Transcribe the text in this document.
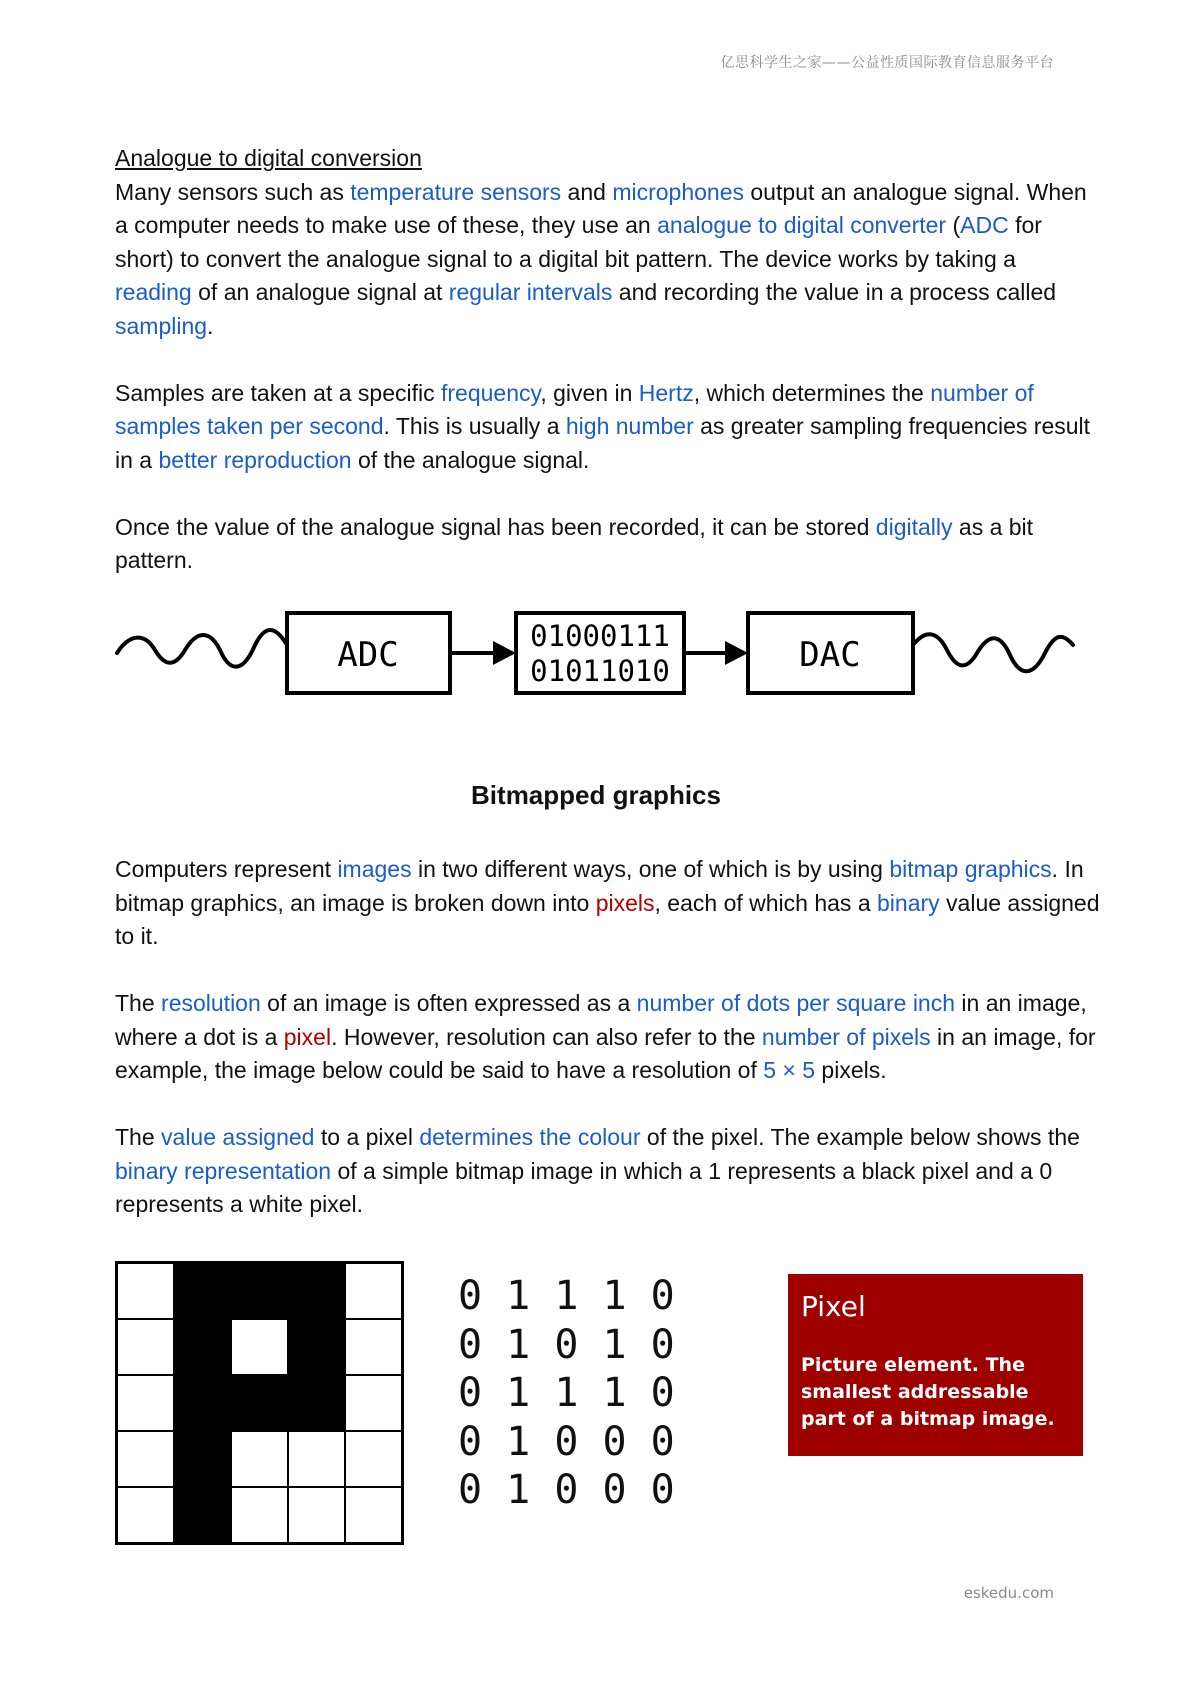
亿思科学生之家——公益性质国际教育信息服务平台

Analogue to digital conversion

Many sensors such as temperature sensors and microphones output an analogue signal. When a computer needs to make use of these, they use an analogue to digital converter (ADC for short) to convert the analogue signal to a digital bit pattern. The device works by taking a reading of an analogue signal at regular intervals and recording the value in a process called sampling.

Samples are taken at a specific frequency, given in Hertz, which determines the number of samples taken per second. This is usually a high number as greater sampling frequencies result in a better reproduction of the analogue signal.

Once the value of the analogue signal has been recorded, it can be stored digitally as a bit pattern.

ADC	01000111
01011010	DAC
Bitmapped graphics

Computers represent images in two different ways, one of which is by using bitmap graphics. In bitmap graphics, an image is broken down into pixels, each of which has a binary value assigned to it.

The resolution of an image is often expressed as a number of dots per square inch in an image, where a dot is a pixel. However, resolution can also refer to the number of pixels in an image, for example, the image below could be said to have a resolution of 5 × 5 pixels.

The value assigned to a pixel determines the colour of the pixel. The example below shows the binary representation of a simple bitmap image in which a 1 represents a black pixel and a 0 represents a white pixel.

0 1 1 1 0
0 1 0 1 0
0 1 1 1 0
0 1 0 0 0
0 1 0 0 0
Pixel
Picture element. The smallest addressable part of a bitmap image.
eskedu.com
